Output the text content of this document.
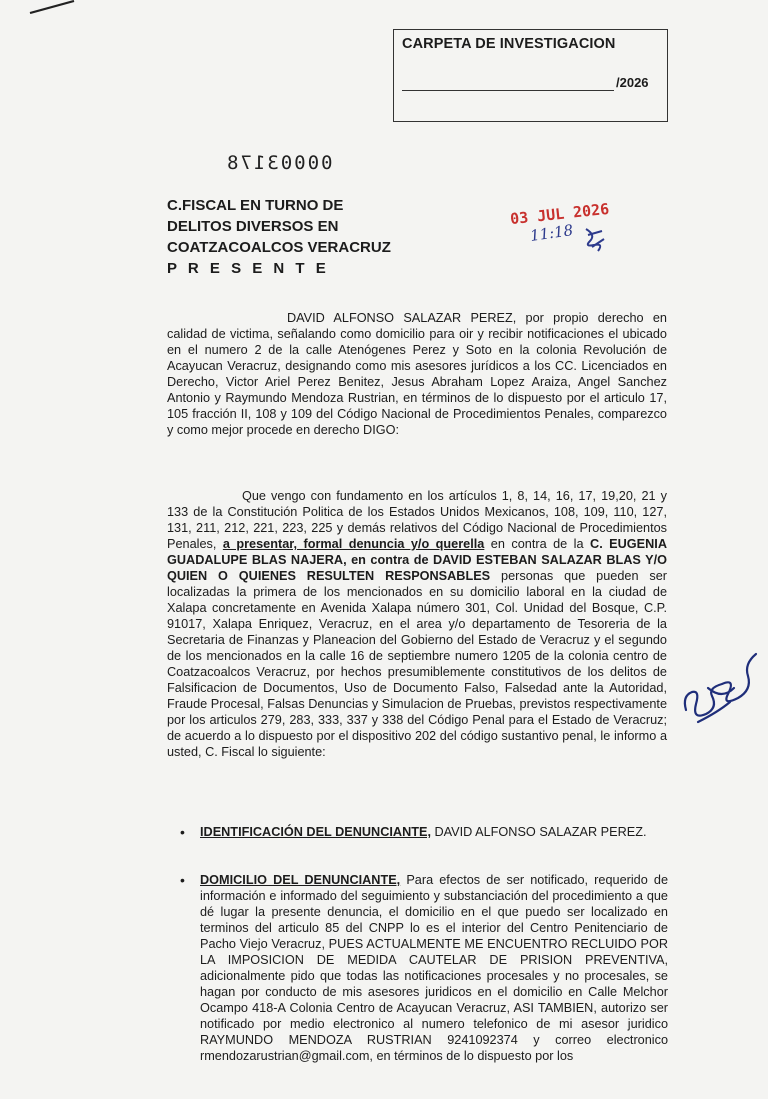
CARPETA DE INVESTIGACION
/2026
00003178
C.FISCAL EN TURNO DE
DELITOS DIVERSOS EN
COATZACOALCOS VERACRUZ
P R E S E N T E
03 JUL 2026
11:18

DAVID ALFONSO SALAZAR PEREZ, por propio derecho en calidad de victima, señalando como domicilio para oir y recibir notificaciones el ubicado en el numero 2 de la calle Atenógenes Perez y Soto en la colonia Revolución de Acayucan Veracruz, designando como mis asesores jurídicos a los CC. Licenciados en Derecho, Victor Ariel Perez Benitez, Jesus Abraham Lopez Araiza, Angel Sanchez Antonio y Raymundo Mendoza Rustrian, en términos de lo dispuesto por el articulo 17, 105 fracción II, 108 y 109 del Código Nacional de Procedimientos Penales, comparezco y como mejor procede en derecho DIGO:

Que vengo con fundamento en los artículos 1, 8, 14, 16, 17, 19,20, 21 y 133 de la Constitución Politica de los Estados Unidos Mexicanos, 108, 109, 110, 127, 131, 211, 212, 221, 223, 225 y demás relativos del Código Nacional de Procedimientos Penales, a presentar, formal denuncia y/o querella en contra de la C. EUGENIA GUADALUPE BLAS NAJERA, en contra de DAVID ESTEBAN SALAZAR BLAS Y/O QUIEN O QUIENES RESULTEN RESPONSABLES personas que pueden ser localizadas la primera de los mencionados en su domicilio laboral en la ciudad de Xalapa concretamente en Avenida Xalapa número 301, Col. Unidad del Bosque, C.P. 91017, Xalapa Enriquez, Veracruz, en el area y/o departamento de Tesoreria de la Secretaria de Finanzas y Planeacion del Gobierno del Estado de Veracruz y el segundo de los mencionados en la calle 16 de septiembre numero 1205 de la colonia centro de Coatzacoalcos Veracruz, por hechos presumiblemente constitutivos de los delitos de Falsificacion de Documentos, Uso de Documento Falso, Falsedad ante la Autoridad, Fraude Procesal, Falsas Denuncias y Simulacion de Pruebas, previstos respectivamente por los articulos 279, 283, 333, 337 y 338 del Código Penal para el Estado de Veracruz; de acuerdo a lo dispuesto por el dispositivo 202 del código sustantivo penal, le informo a usted, C. Fiscal lo siguiente:

• IDENTIFICACIÓN DEL DENUNCIANTE, DAVID ALFONSO SALAZAR PEREZ.

• DOMICILIO DEL DENUNCIANTE, Para efectos de ser notificado, requerido de información e informado del seguimiento y substanciación del procedimiento a que dé lugar la presente denuncia, el domicilio en el que puedo ser localizado en terminos del articulo 85 del CNPP lo es el interior del Centro Penitenciario de Pacho Viejo Veracruz, PUES ACTUALMENTE ME ENCUENTRO RECLUIDO POR LA IMPOSICION DE MEDIDA CAUTELAR DE PRISION PREVENTIVA, adicionalmente pido que todas las notificaciones procesales y no procesales, se hagan por conducto de mis asesores juridicos en el domicilio en Calle Melchor Ocampo 418-A Colonia Centro de Acayucan Veracruz, ASI TAMBIEN, autorizo ser notificado por medio electronico al numero telefonico de mi asesor juridico RAYMUNDO MENDOZA RUSTRIAN 9241092374 y correo electronico rmendozarustrian@gmail.com, en términos de lo dispuesto por los
